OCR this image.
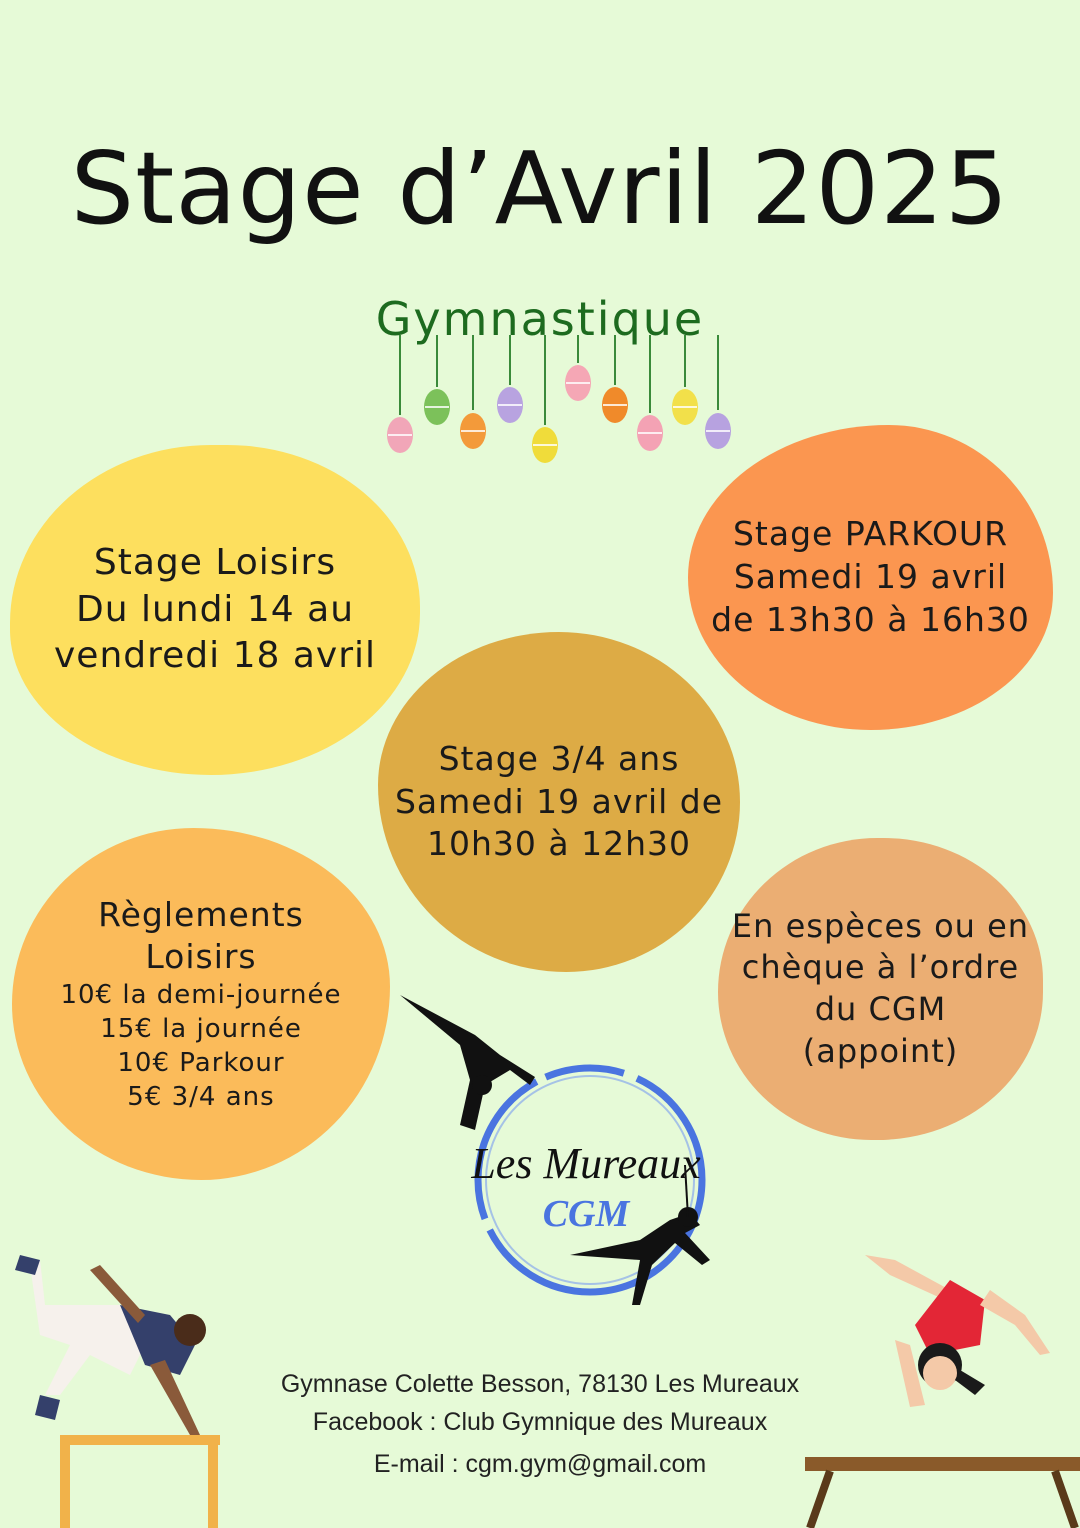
Stage d’Avril 2025
Gymnastique
Stage Loisirs
Du lundi 14 au
vendredi 18 avril
Stage PARKOUR
Samedi 19 avril
de 13h30 à 16h30
Stage 3/4 ans
Samedi 19 avril de
10h30 à 12h30
Règlements
Loisirs
10€ la demi-journée
15€ la journée
10€ Parkour
5€ 3/4 ans
En espèces ou en
chèque à l’ordre
du CGM
(appoint)
Les Mureaux
CGM
Gymnase Colette Besson, 78130 Les Mureaux
Facebook : Club Gymnique des Mureaux
E-mail : cgm.gym@gmail.com
